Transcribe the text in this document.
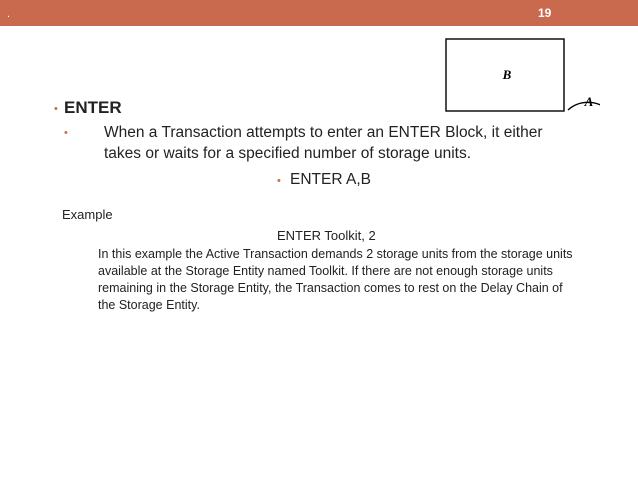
.	19
B
A
• ENTER
• When a Transaction attempts to enter an ENTER Block, it either takes or waits for a specified number of storage units.
• ENTER A,B
Example
ENTER Toolkit, 2
In this example the Active Transaction demands 2 storage units from the storage units available at the Storage Entity named Toolkit. If there are not enough storage units remaining in the Storage Entity, the Transaction comes to rest on the Delay Chain of the Storage Entity.
